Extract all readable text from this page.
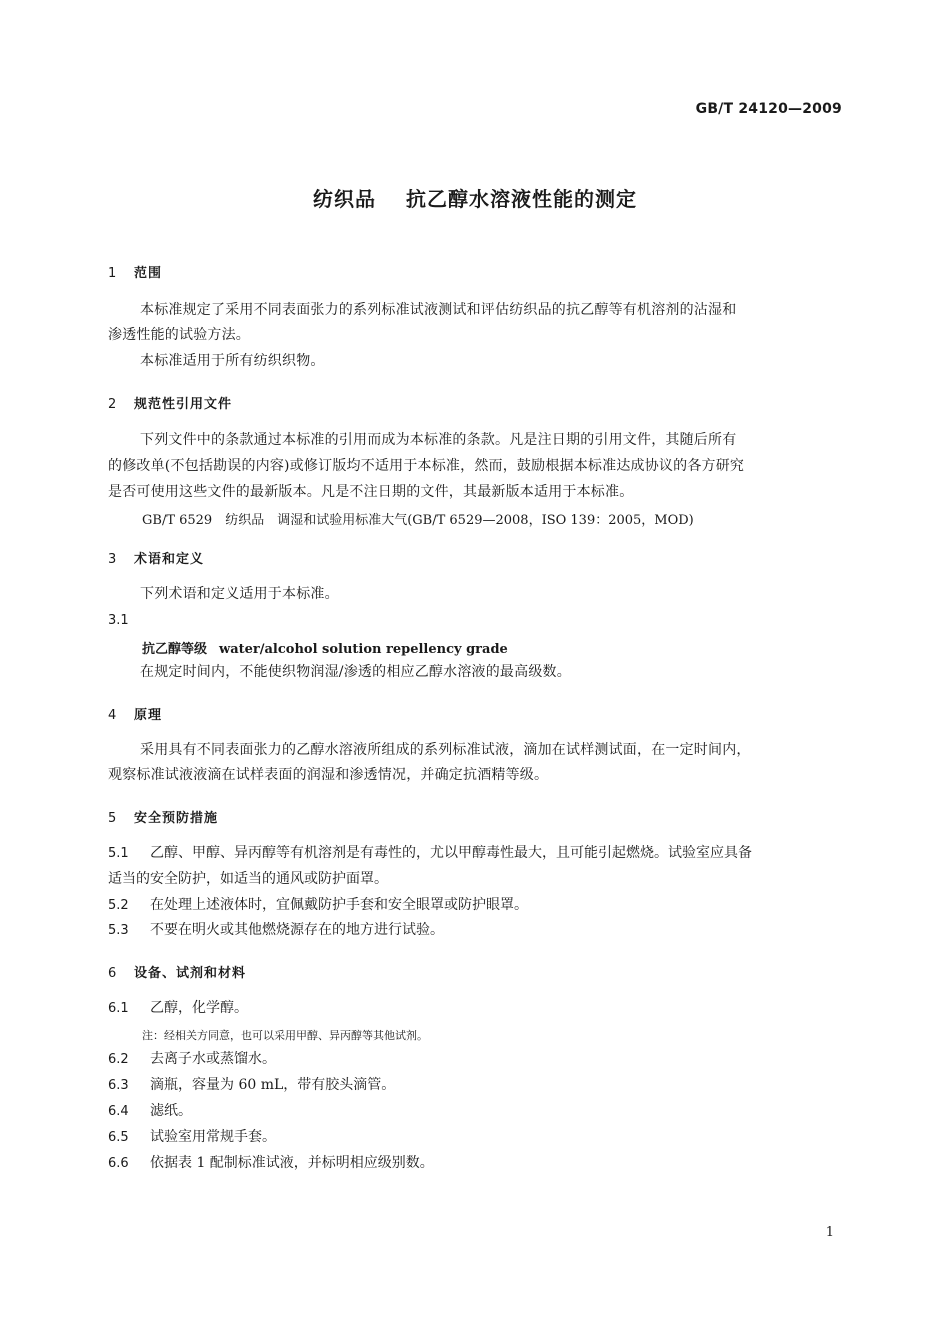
GB/T 24120—2009
纺织品 抗乙醇水溶液性能的测定
1 范围
本标准规定了采用不同表面张力的系列标准试液测试和评估纺织品的抗乙醇等有机溶剂的沾湿和
渗透性能的试验方法。
本标准适用于所有纺织织物。
2 规范性引用文件
下列文件中的条款通过本标准的引用而成为本标准的条款。凡是注日期的引用文件，其随后所有
的修改单(不包括勘误的内容)或修订版均不适用于本标准，然而，鼓励根据本标准达成协议的各方研究
是否可使用这些文件的最新版本。凡是不注日期的文件，其最新版本适用于本标准。
GB/T 6529　纺织品　调湿和试验用标准大气(GB/T 6529—2008，ISO 139：2005，MOD)
3 术语和定义
下列术语和定义适用于本标准。
3.1
抗乙醇等级 water/alcohol solution repellency grade
在规定时间内，不能使织物润湿/渗透的相应乙醇水溶液的最高级数。
4 原理
采用具有不同表面张力的乙醇水溶液所组成的系列标准试液，滴加在试样测试面，在一定时间内，
观察标准试液液滴在试样表面的润湿和渗透情况，并确定抗酒精等级。
5 安全预防措施
5.1 乙醇、甲醇、异丙醇等有机溶剂是有毒性的，尤以甲醇毒性最大，且可能引起燃烧。试验室应具备
适当的安全防护，如适当的通风或防护面罩。
5.2 在处理上述液体时，宜佩戴防护手套和安全眼罩或防护眼罩。
5.3 不要在明火或其他燃烧源存在的地方进行试验。
6 设备、试剂和材料
6.1 乙醇，化学醇。
注：经相关方同意，也可以采用甲醇、异丙醇等其他试剂。
6.2 去离子水或蒸馏水。
6.3 滴瓶，容量为 60 mL，带有胶头滴管。
6.4 滤纸。
6.5 试验室用常规手套。
6.6 依据表 1 配制标准试液，并标明相应级别数。
1
